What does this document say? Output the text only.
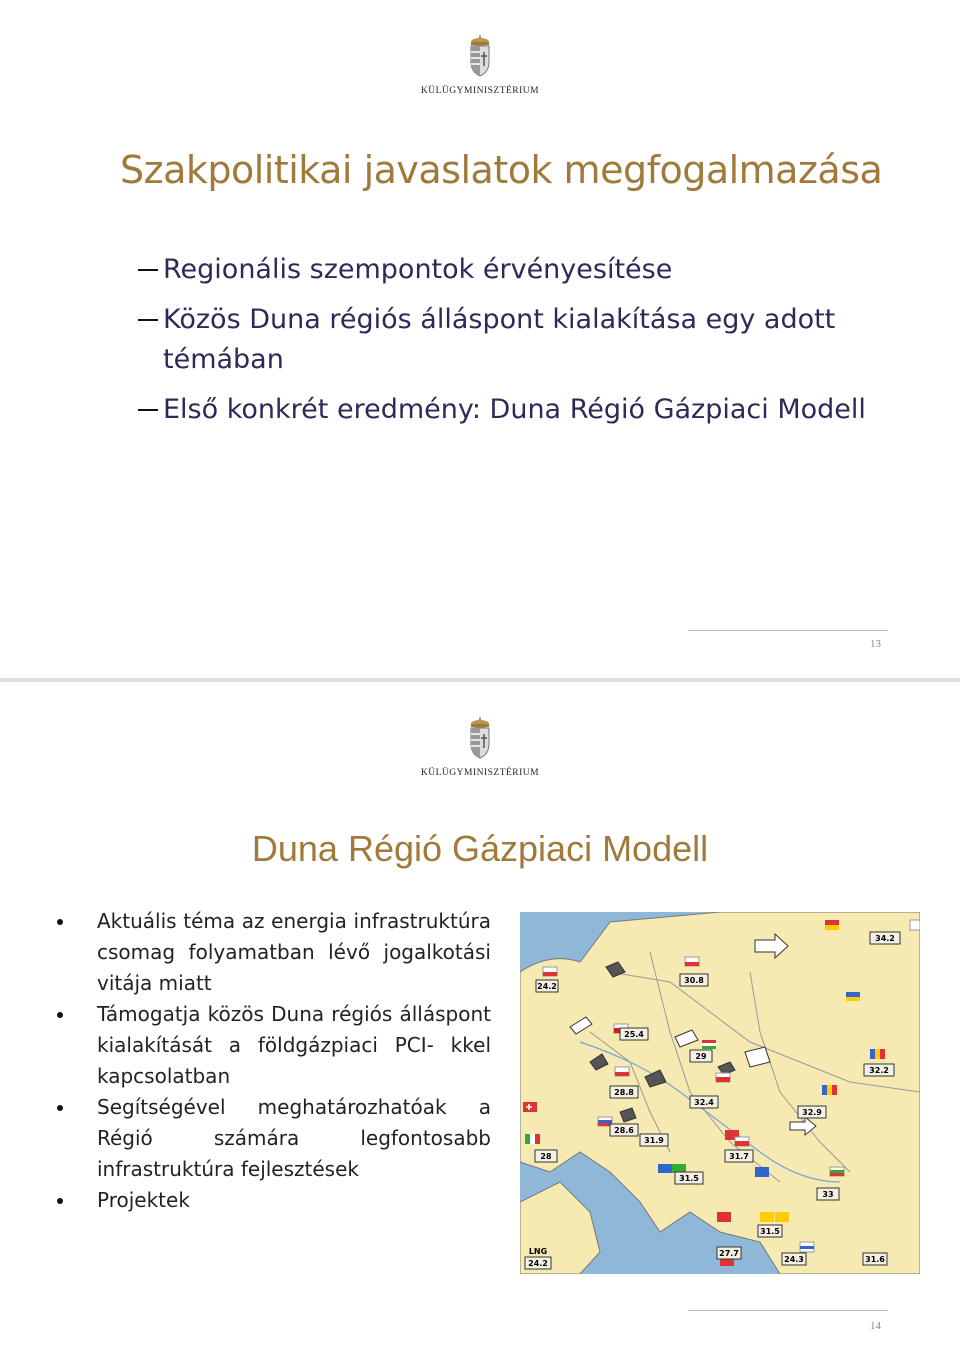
KÜLÜGYMINISZTÉRIUM
Szakpolitikai javaslatok megfogalmazása
Regionális szempontok érvényesítése
Közös Duna régiós álláspont kialakítása egy adott témában
Első konkrét eredmény: Duna Régió Gázpiaci Modell
13
KÜLÜGYMINISZTÉRIUM
Duna Régió Gázpiaci Modell
Aktuális téma az energia infrastruktúra csomag folyamatban lévő jogalkotási vitája miatt
Támogatja közös Duna régiós álláspont kialakítását a földgázpiaci PCI- kkel kapcsolatban
Segítségével meghatározhatóak a Régió számára legfontosabb infrastruktúra fejlesztések
Projektek
34.2
24.2
30.8
25.4
29
32.2
28.8
32.4
32.9
28.6
31.9
28	31.7
31.5
33
31.5
LNG
24.2
27.7
24.3	31.6
14
